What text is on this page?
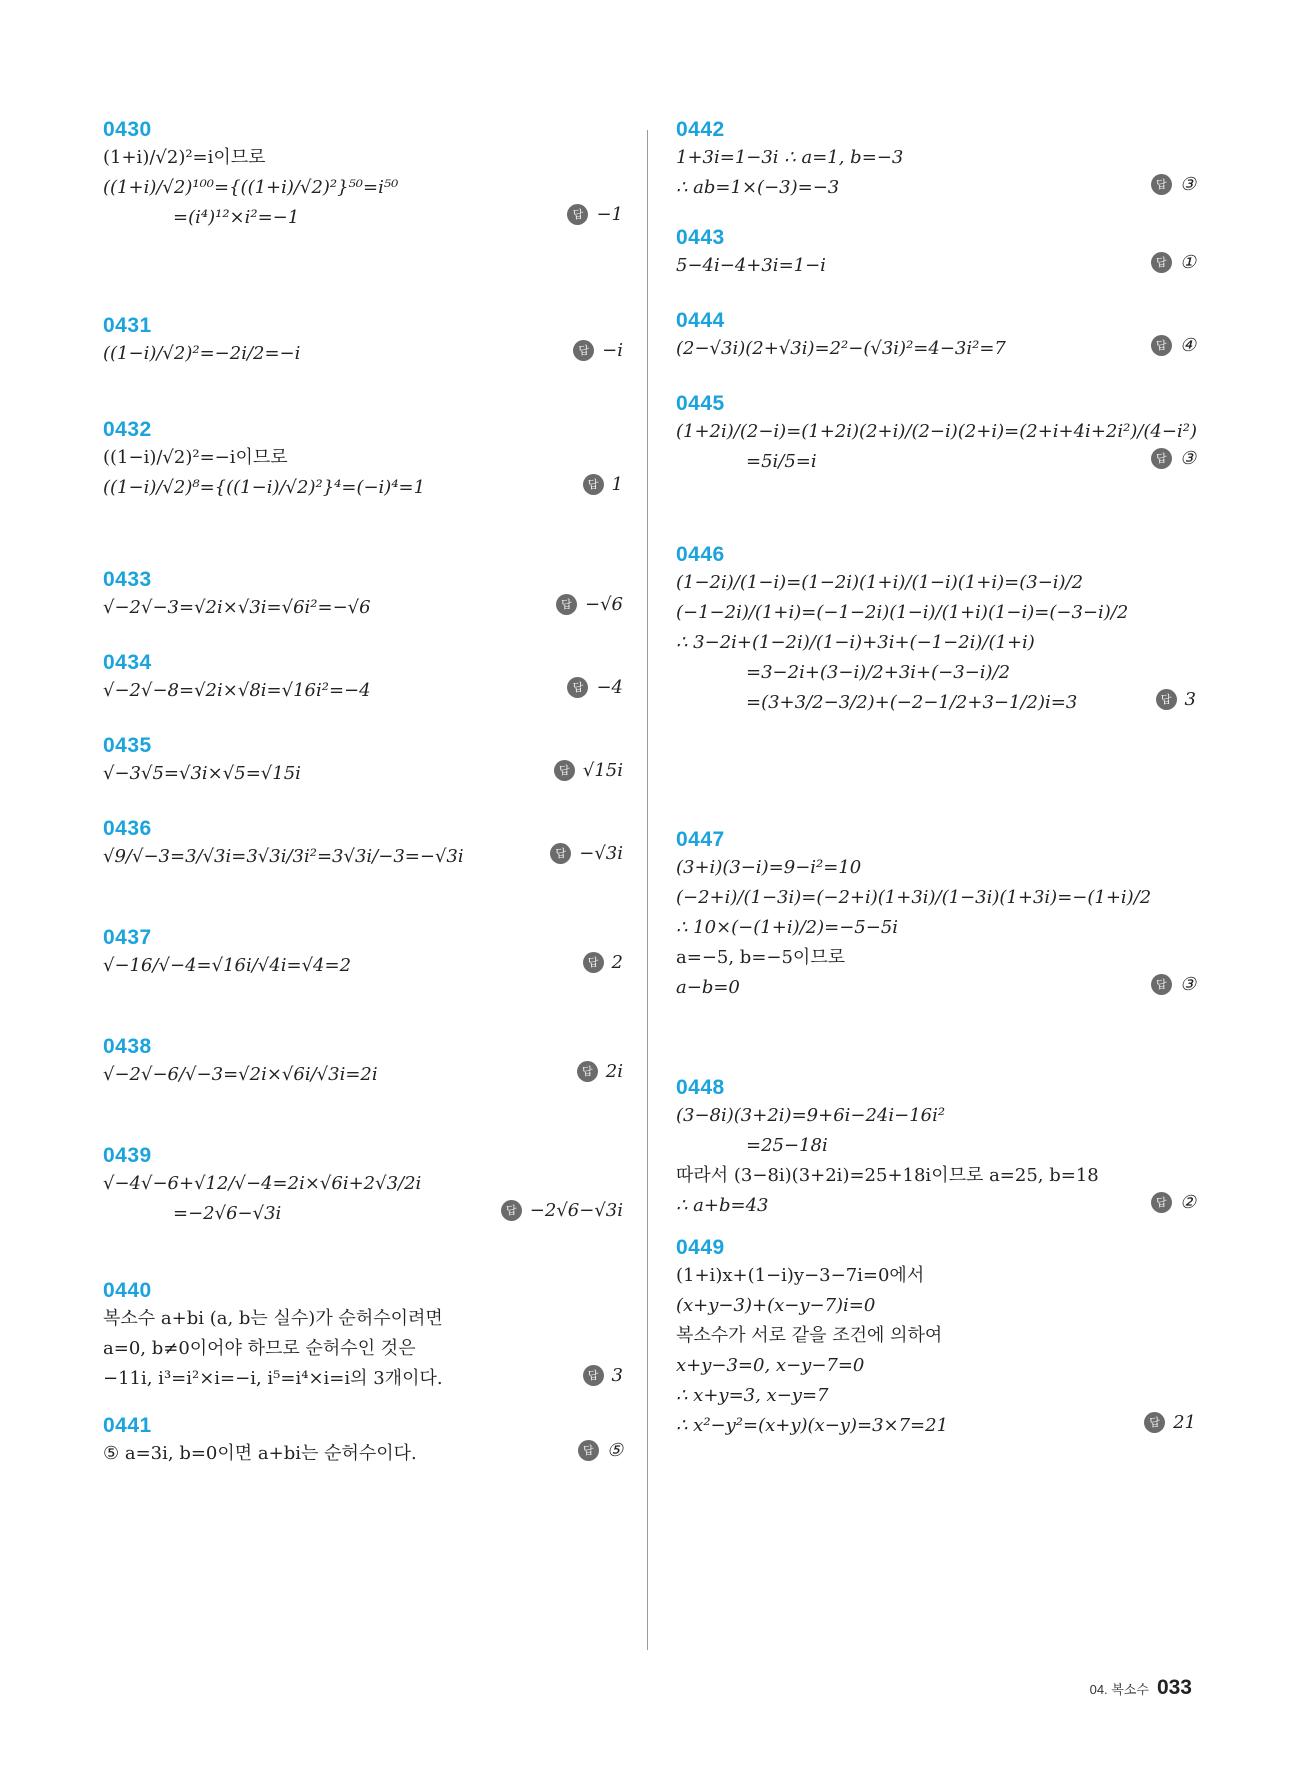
0430
(1+i)/√2)²=i이므로
((1+i)/√2)¹⁰⁰={((1+i)/√2)²}⁵⁰=i⁵⁰
=(i⁴)¹²×i²=−1	답 −1
0431
((1−i)/√2)²=−2i/2=−i	답 −i
0432
((1−i)/√2)²=−i이므로
((1−i)/√2)⁸={((1−i)/√2)²}⁴=(−i)⁴=1	답 1
0433
√−2√−3=√2i×√3i=√6i²=−√6	답 −√6
0434
√−2√−8=√2i×√8i=√16i²=−4	답 −4
0435
√−3√5=√3i×√5=√15i	답 √15i
0436
√9/√−3=3/√3i=3√3i/3i²=3√3i/−3=−√3i	답 −√3i
0437
√−16/√−4=√16i/√4i=√4=2	답 2
0438
√−2√−6/√−3=√2i×√6i/√3i=2i	답 2i
0439
√−4√−6+√12/√−4=2i×√6i+2√3/2i
=−2√6−√3i	답 −2√6−√3i
0440
복소수 a+bi (a, b는 실수)가 순허수이려면
a=0, b≠0이어야 하므로 순허수인 것은
−11i, i³=i²×i=−i, i⁵=i⁴×i=i의 3개이다.	답 3
0441
⑤ a=3i, b=0이면 a+bi는 순허수이다.	답 ⑤
0442
1+3i=1−3i ∴ a=1, b=−3
∴ ab=1×(−3)=−3	답 ③
0443
5−4i−4+3i=1−i	답 ①
0444
(2−√3i)(2+√3i)=2²−(√3i)²=4−3i²=7	답 ④
0445
(1+2i)/(2−i)=(1+2i)(2+i)/(2−i)(2+i)=(2+i+4i+2i²)/(4−i²)
=5i/5=i	답 ③
0446
(1−2i)/(1−i)=(1−2i)(1+i)/(1−i)(1+i)=(3−i)/2
(−1−2i)/(1+i)=(−1−2i)(1−i)/(1+i)(1−i)=(−3−i)/2
∴ 3−2i+(1−2i)/(1−i)+3i+(−1−2i)/(1+i)
=3−2i+(3−i)/2+3i+(−3−i)/2
=(3+3/2−3/2)+(−2−1/2+3−1/2)i=3	답 3
0447
(3+i)(3−i)=9−i²=10
(−2+i)/(1−3i)=(−2+i)(1+3i)/(1−3i)(1+3i)=−(1+i)/2
∴ 10×(−(1+i)/2)=−5−5i
a=−5, b=−5이므로
a−b=0	답 ③
0448
(3−8i)(3+2i)=9+6i−24i−16i²
=25−18i
따라서 (3−8i)(3+2i)=25+18i이므로 a=25, b=18
∴ a+b=43	답 ②
0449
(1+i)x+(1−i)y−3−7i=0에서
(x+y−3)+(x−y−7)i=0
복소수가 서로 같을 조건에 의하여
x+y−3=0, x−y−7=0
∴ x+y=3, x−y=7
∴ x²−y²=(x+y)(x−y)=3×7=21	답 21
04. 복소수 033
